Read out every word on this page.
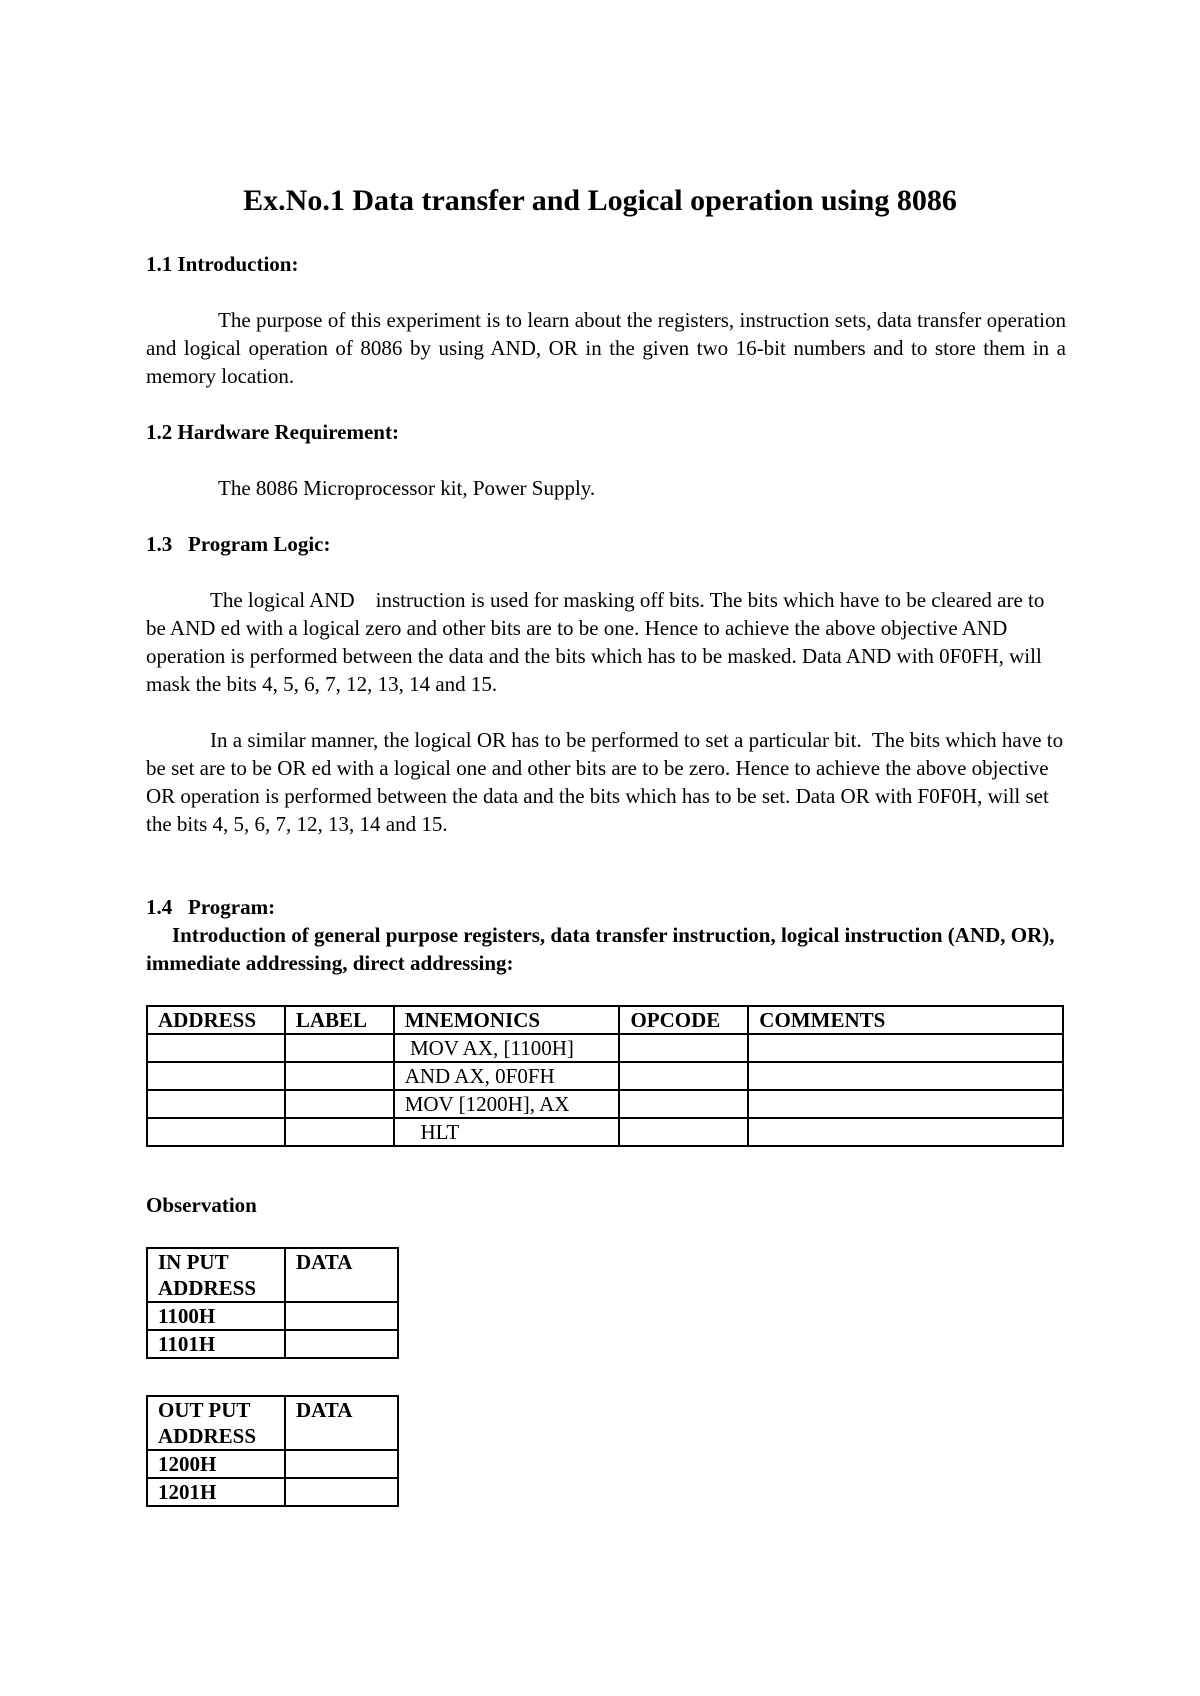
Ex.No.1 Data transfer and Logical operation using 8086

1.1 Introduction:

The purpose of this experiment is to learn about the registers, instruction sets, data transfer operation and logical operation of 8086 by using AND, OR in the given two 16-bit numbers and to store them in a memory location.

1.2 Hardware Requirement:

The 8086 Microprocessor kit, Power Supply.

1.3   Program Logic:

The logical AND    instruction is used for masking off bits. The bits which have to be cleared are to be AND ed with a logical zero and other bits are to be one. Hence to achieve the above objective AND operation is performed between the data and the bits which has to be masked. Data AND with 0F0FH, will mask the bits 4, 5, 6, 7, 12, 13, 14 and 15.

In a similar manner, the logical OR has to be performed to set a particular bit.  The bits which have to be set are to be OR ed with a logical one and other bits are to be zero. Hence to achieve the above objective OR operation is performed between the data and the bits which has to be set. Data OR with F0F0H, will set the bits 4, 5, 6, 7, 12, 13, 14 and 15.

1.4   Program:

Introduction of general purpose registers, data transfer instruction, logical instruction (AND, OR), immediate addressing, direct addressing:

ADDRESS	LABEL	MNEMONICS	OPCODE	COMMENTS
		MOV AX, [1100H]		
		AND AX, 0F0FH		
		MOV [1200H], AX		
		HLT		

Observation

IN PUT ADDRESS	DATA
1100H	
1101H	
OUT PUT ADDRESS	DATA
1200H	
1201H	
